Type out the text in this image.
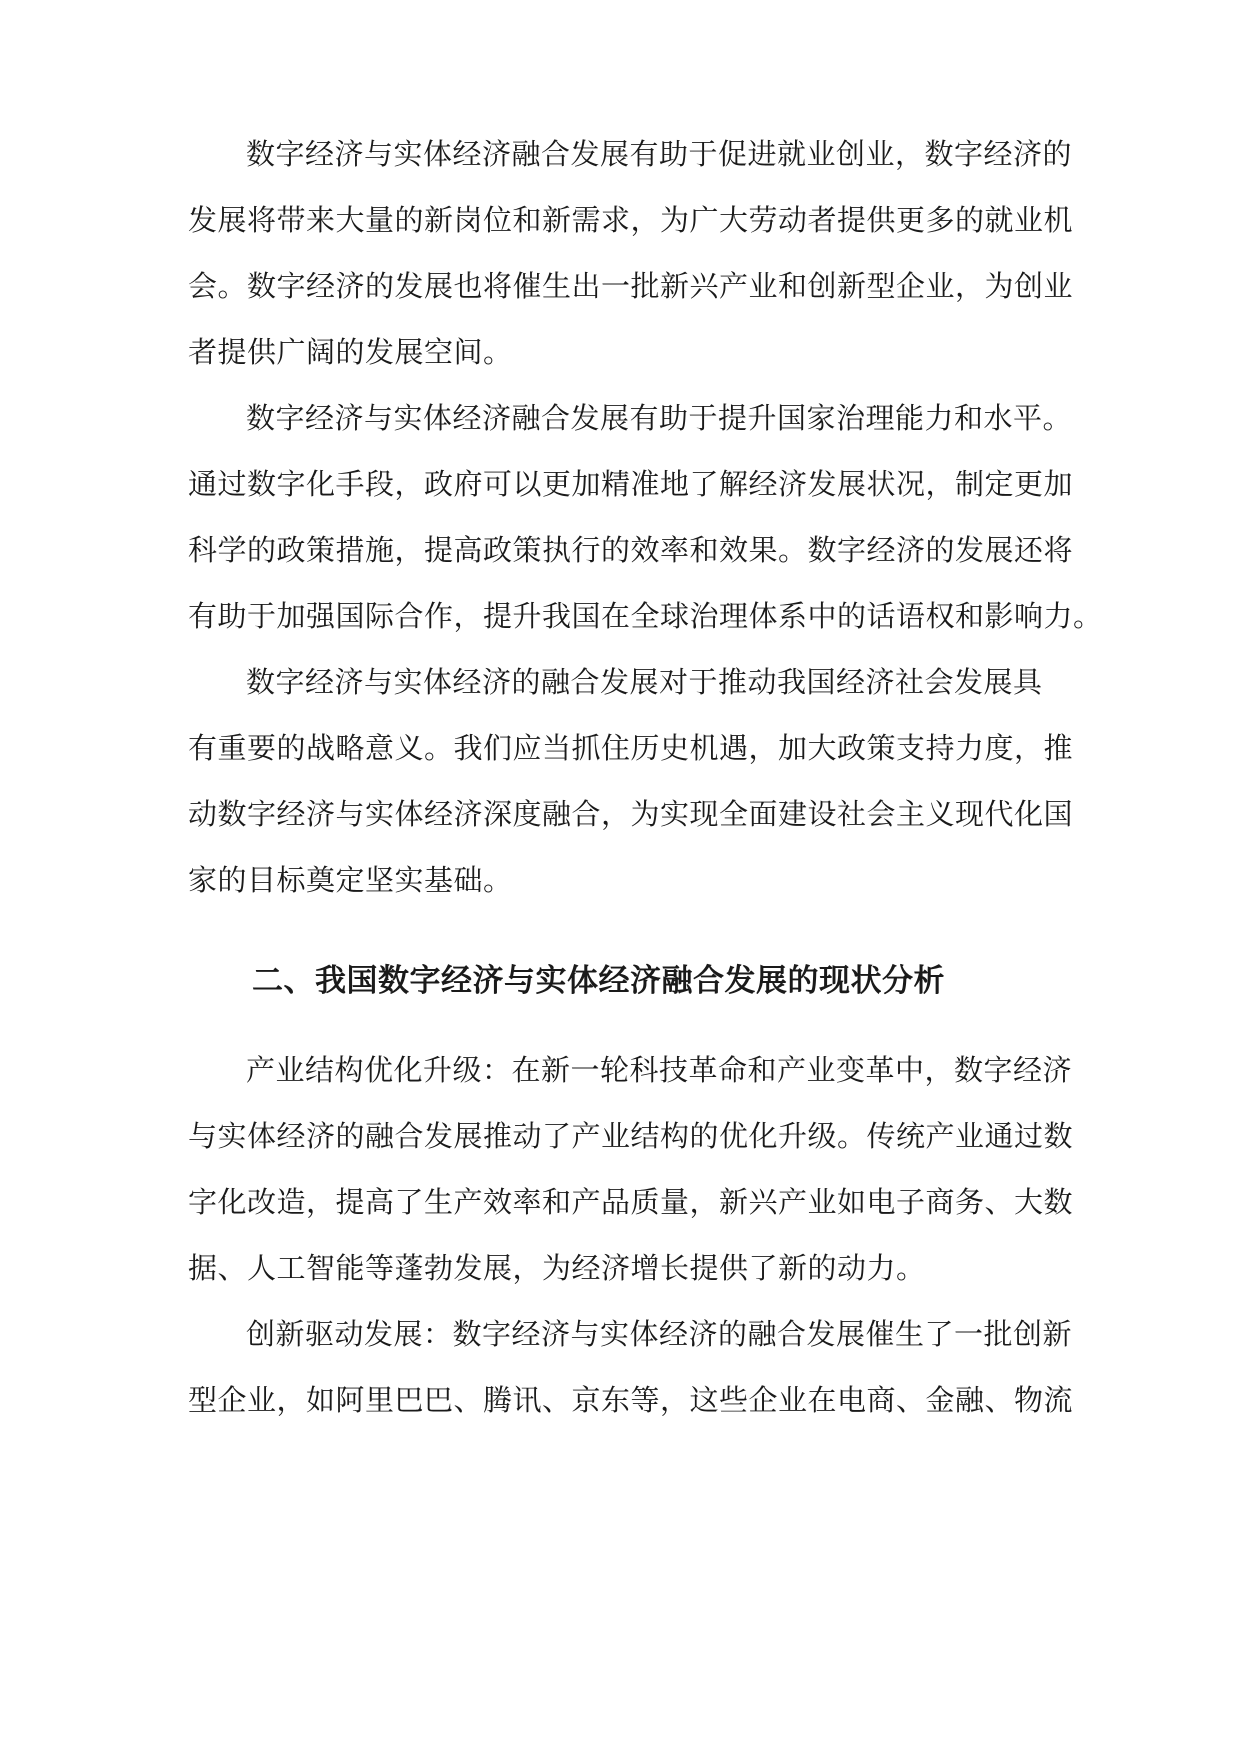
数字经济与实体经济融合发展有助于促进就业创业，数字经济的
发展将带来大量的新岗位和新需求，为广大劳动者提供更多的就业机
会。数字经济的发展也将催生出一批新兴产业和创新型企业，为创业
者提供广阔的发展空间。
数字经济与实体经济融合发展有助于提升国家治理能力和水平。
通过数字化手段，政府可以更加精准地了解经济发展状况，制定更加
科学的政策措施，提高政策执行的效率和效果。数字经济的发展还将
有助于加强国际合作，提升我国在全球治理体系中的话语权和影响力。
数字经济与实体经济的融合发展对于推动我国经济社会发展具
有重要的战略意义。我们应当抓住历史机遇，加大政策支持力度，推
动数字经济与实体经济深度融合，为实现全面建设社会主义现代化国
家的目标奠定坚实基础。
二、我国数字经济与实体经济融合发展的现状分析
产业结构优化升级：在新一轮科技革命和产业变革中，数字经济
与实体经济的融合发展推动了产业结构的优化升级。传统产业通过数
字化改造，提高了生产效率和产品质量，新兴产业如电子商务、大数
据、人工智能等蓬勃发展，为经济增长提供了新的动力。
创新驱动发展：数字经济与实体经济的融合发展催生了一批创新
型企业，如阿里巴巴、腾讯、京东等，这些企业在电商、金融、物流
